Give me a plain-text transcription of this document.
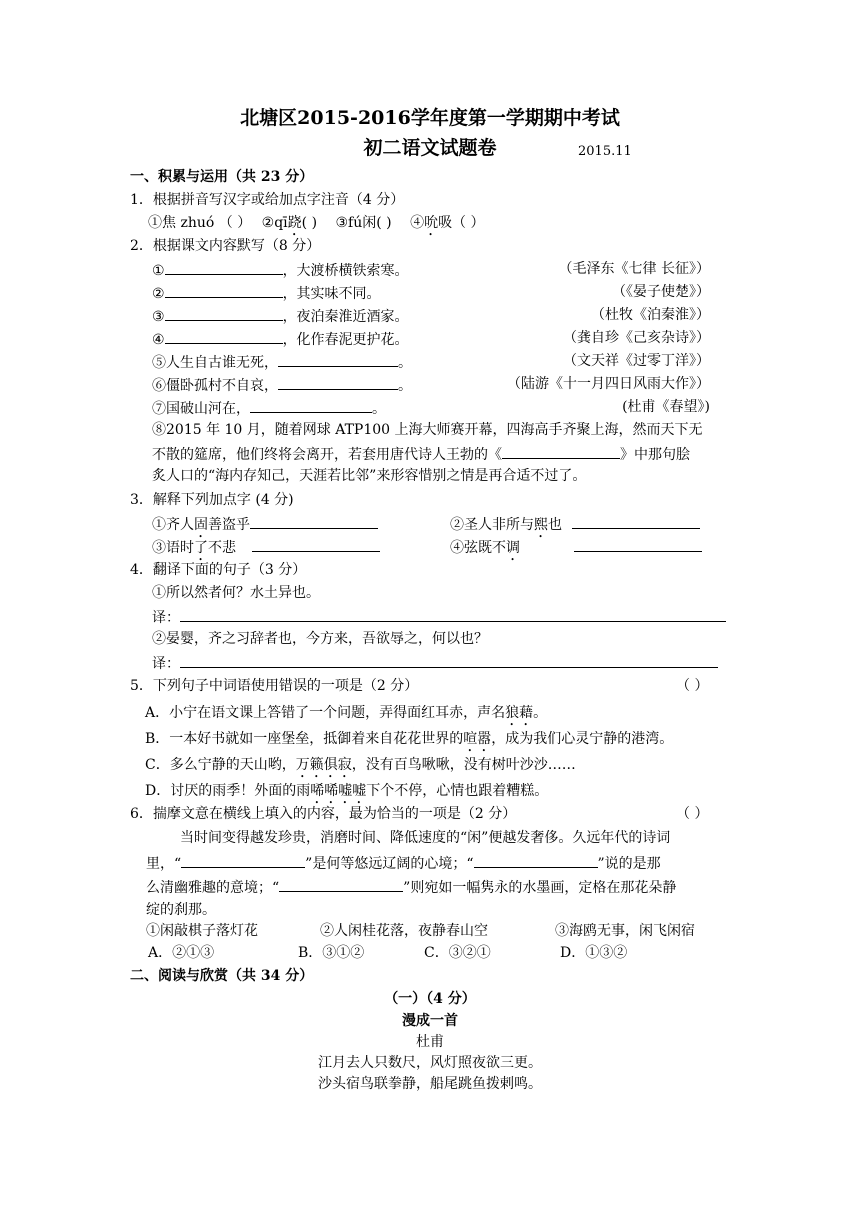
北塘区2015-2016学年度第一学期期中考试
初二语文试题卷	2015.11
一、积累与运用（共 23 分）
1．根据拼音写汉字或给加点字注音（4 分）
①焦 zhuó （ ） ②qī跷( ) ③fú闲( ) ④吮吸（ ）
2．根据课文内容默写（8 分）
①	，大渡桥横铁索寒。	（毛泽东《七律 长征》）
②	，其实味不同。	（《晏子使楚》）
③	，夜泊秦淮近酒家。	（杜牧《泊秦淮》）
④	，化作春泥更护花。	（龚自珍《己亥杂诗》）
⑤人生自古谁无死，	。	（文天祥《过零丁洋》）
⑥僵卧孤村不自哀，	。	（陆游《十一月四日风雨大作》）
⑦国破山河在，	。	(杜甫《春望》)
⑧2015 年 10 月，随着网球 ATP100 上海大师赛开幕，四海高手齐聚上海，然而天下无
不散的筵席，他们终将会离开，若套用唐代诗人王勃的《	》中那句脍
炙人口的“海内存知己，天涯若比邻”来形容惜别之情是再合适不过了。
3．解释下列加点字 (4 分)
①齐人固善盗乎	②圣人非所与熙也
③语时了不悲	④弦既不调
4．翻译下面的句子（3 分）
①所以然者何？水土异也。
译：
②晏婴，齐之习辞者也，今方来，吾欲辱之，何以也？
译：
5．下列句子中词语使用错误的一项是（2 分）	（ ）
A．小宁在语文课上答错了一个问题，弄得面红耳赤，声名狼藉。
B．一本好书就如一座堡垒，抵御着来自花花世界的喧嚣，成为我们心灵宁静的港湾。
C．多么宁静的天山哟，万籁俱寂，没有百鸟啾啾，没有树叶沙沙……
D．讨厌的雨季！外面的雨唏唏嘘嘘下个不停，心情也跟着糟糕。
6．揣摩文意在横线上填入的内容，最为恰当的一项是（2 分）	（ ）
当时间变得越发珍贵，消磨时间、降低速度的“闲”便越发奢侈。久远年代的诗词
里，“	”是何等悠远辽阔的心境；“	”说的是那
么清幽雅趣的意境；“	”则宛如一幅隽永的水墨画，定格在那花朵静
绽的刹那。
①闲敲棋子落灯花	②人闲桂花落，夜静春山空	③海鸥无事，闲飞闲宿
A．②①③	B．③①②	C．③②①	D．①③②
二、阅读与欣赏（共 34 分）
（一）（4 分）
漫成一首
杜甫
江月去人只数尺，风灯照夜欲三更。
沙头宿鸟联拳静，船尾跳鱼拨剌鸣。
